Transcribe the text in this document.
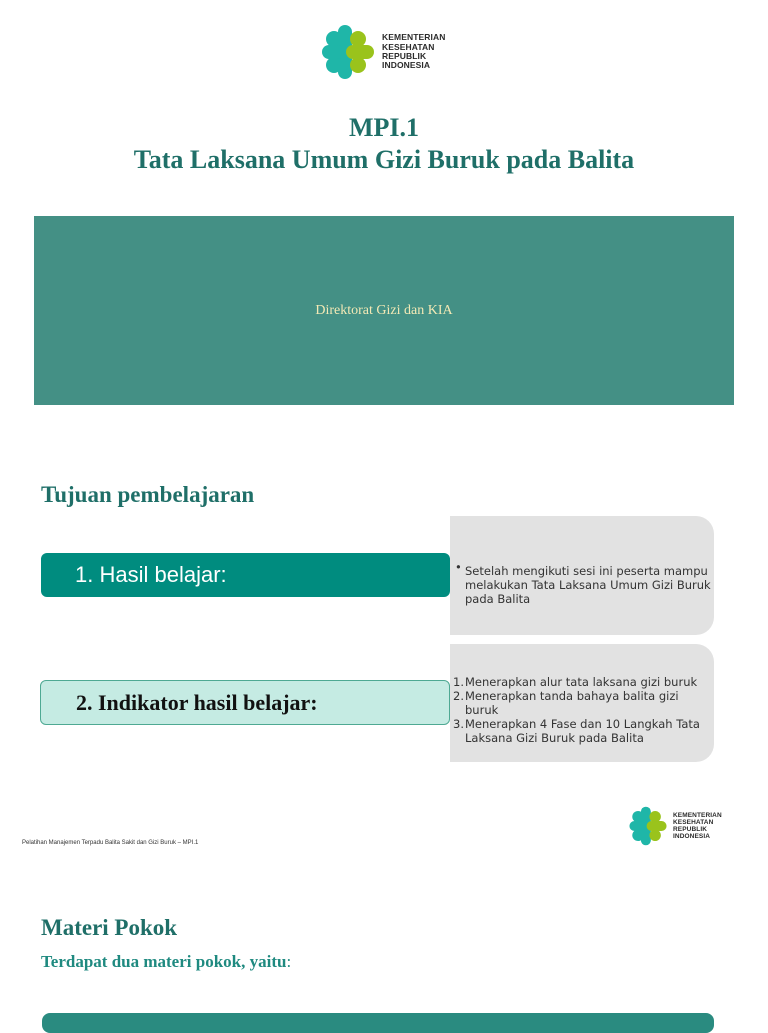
KEMENTERIAN
KESEHATAN
REPUBLIK
INDONESIA
MPI.1
Tata Laksana Umum Gizi Buruk pada Balita
Direktorat Gizi dan KIA
Tujuan pembelajaran
• Setelah mengikuti sesi ini peserta mampu melakukan Tata Laksana Umum Gizi Buruk pada Balita
1. Hasil belajar:
1. Menerapkan alur tata laksana gizi buruk
2. Menerapkan tanda bahaya balita gizi buruk
3. Menerapkan 4 Fase dan 10 Langkah Tata Laksana Gizi Buruk pada Balita
2. Indikator hasil belajar:
Pelatihan Manajemen Terpadu Balita Sakit dan Gizi Buruk – MPI.1
KEMENTERIAN
KESEHATAN
REPUBLIK
INDONESIA
Materi Pokok
Terdapat dua materi pokok, yaitu:
